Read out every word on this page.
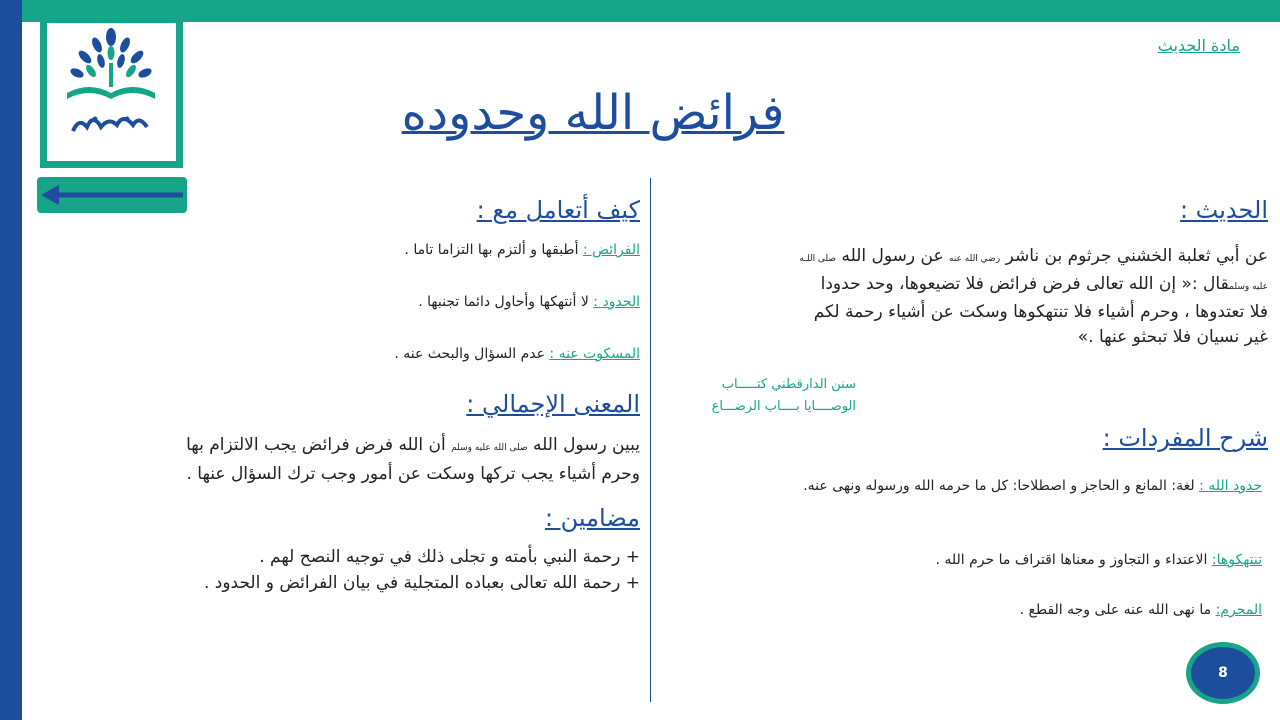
مادة الحديث
فرائض الله وحدوده
الحديث :
عن أبي ثعلبة الخشني جرثوم بن ناشر رضي الله عنه عن رسول الله صلى اللـه
عليه وسلمقال :« إن الله تعالى فرض فرائض فلا تضيعوها، وحد حدودا
فلا تعتدوها ، وحرم أشياء فلا تنتهكوها وسكت عن أشياء رحمة لكم
غير نسيان فلا تبحثو عنها .»
سنن الدارقطني كتـــــاب
الوصــــايا بــــاب الرضـــاع
شرح المفردات :
حدود الله : لغة: المانع و الحاجز و اصطلاحا: كل ما حرمه الله ورسوله ونهى عنه.
تنتهكوها: الاعتداء و التجاوز و معناها اقتراف ما حرم الله .
المحرم: ما نهى الله عنه على وجه القطع .
كيف أتعامل مع :
الفرائض : أطبقها و ألتزم بها التزاما تاما .
الحدود : لا أنتهكها وأحاول دائما تجنبها .
المسكوت عنه : عدم السؤال والبحث عنه .
المعنى الإجمالي :
يبين رسول الله صلى الله عليه وسلم أن الله فرض فرائض يجب الالتزام بها
وحرم أشياء يجب تركها وسكت عن أمور وجب ترك السؤال عنها .
مضامين :
+ رحمة النبي بأمته و تجلى ذلك في توجيه النصح لهم .
+ رحمة الله تعالى بعباده المتجلية في بيان الفرائض و الحدود .
8
